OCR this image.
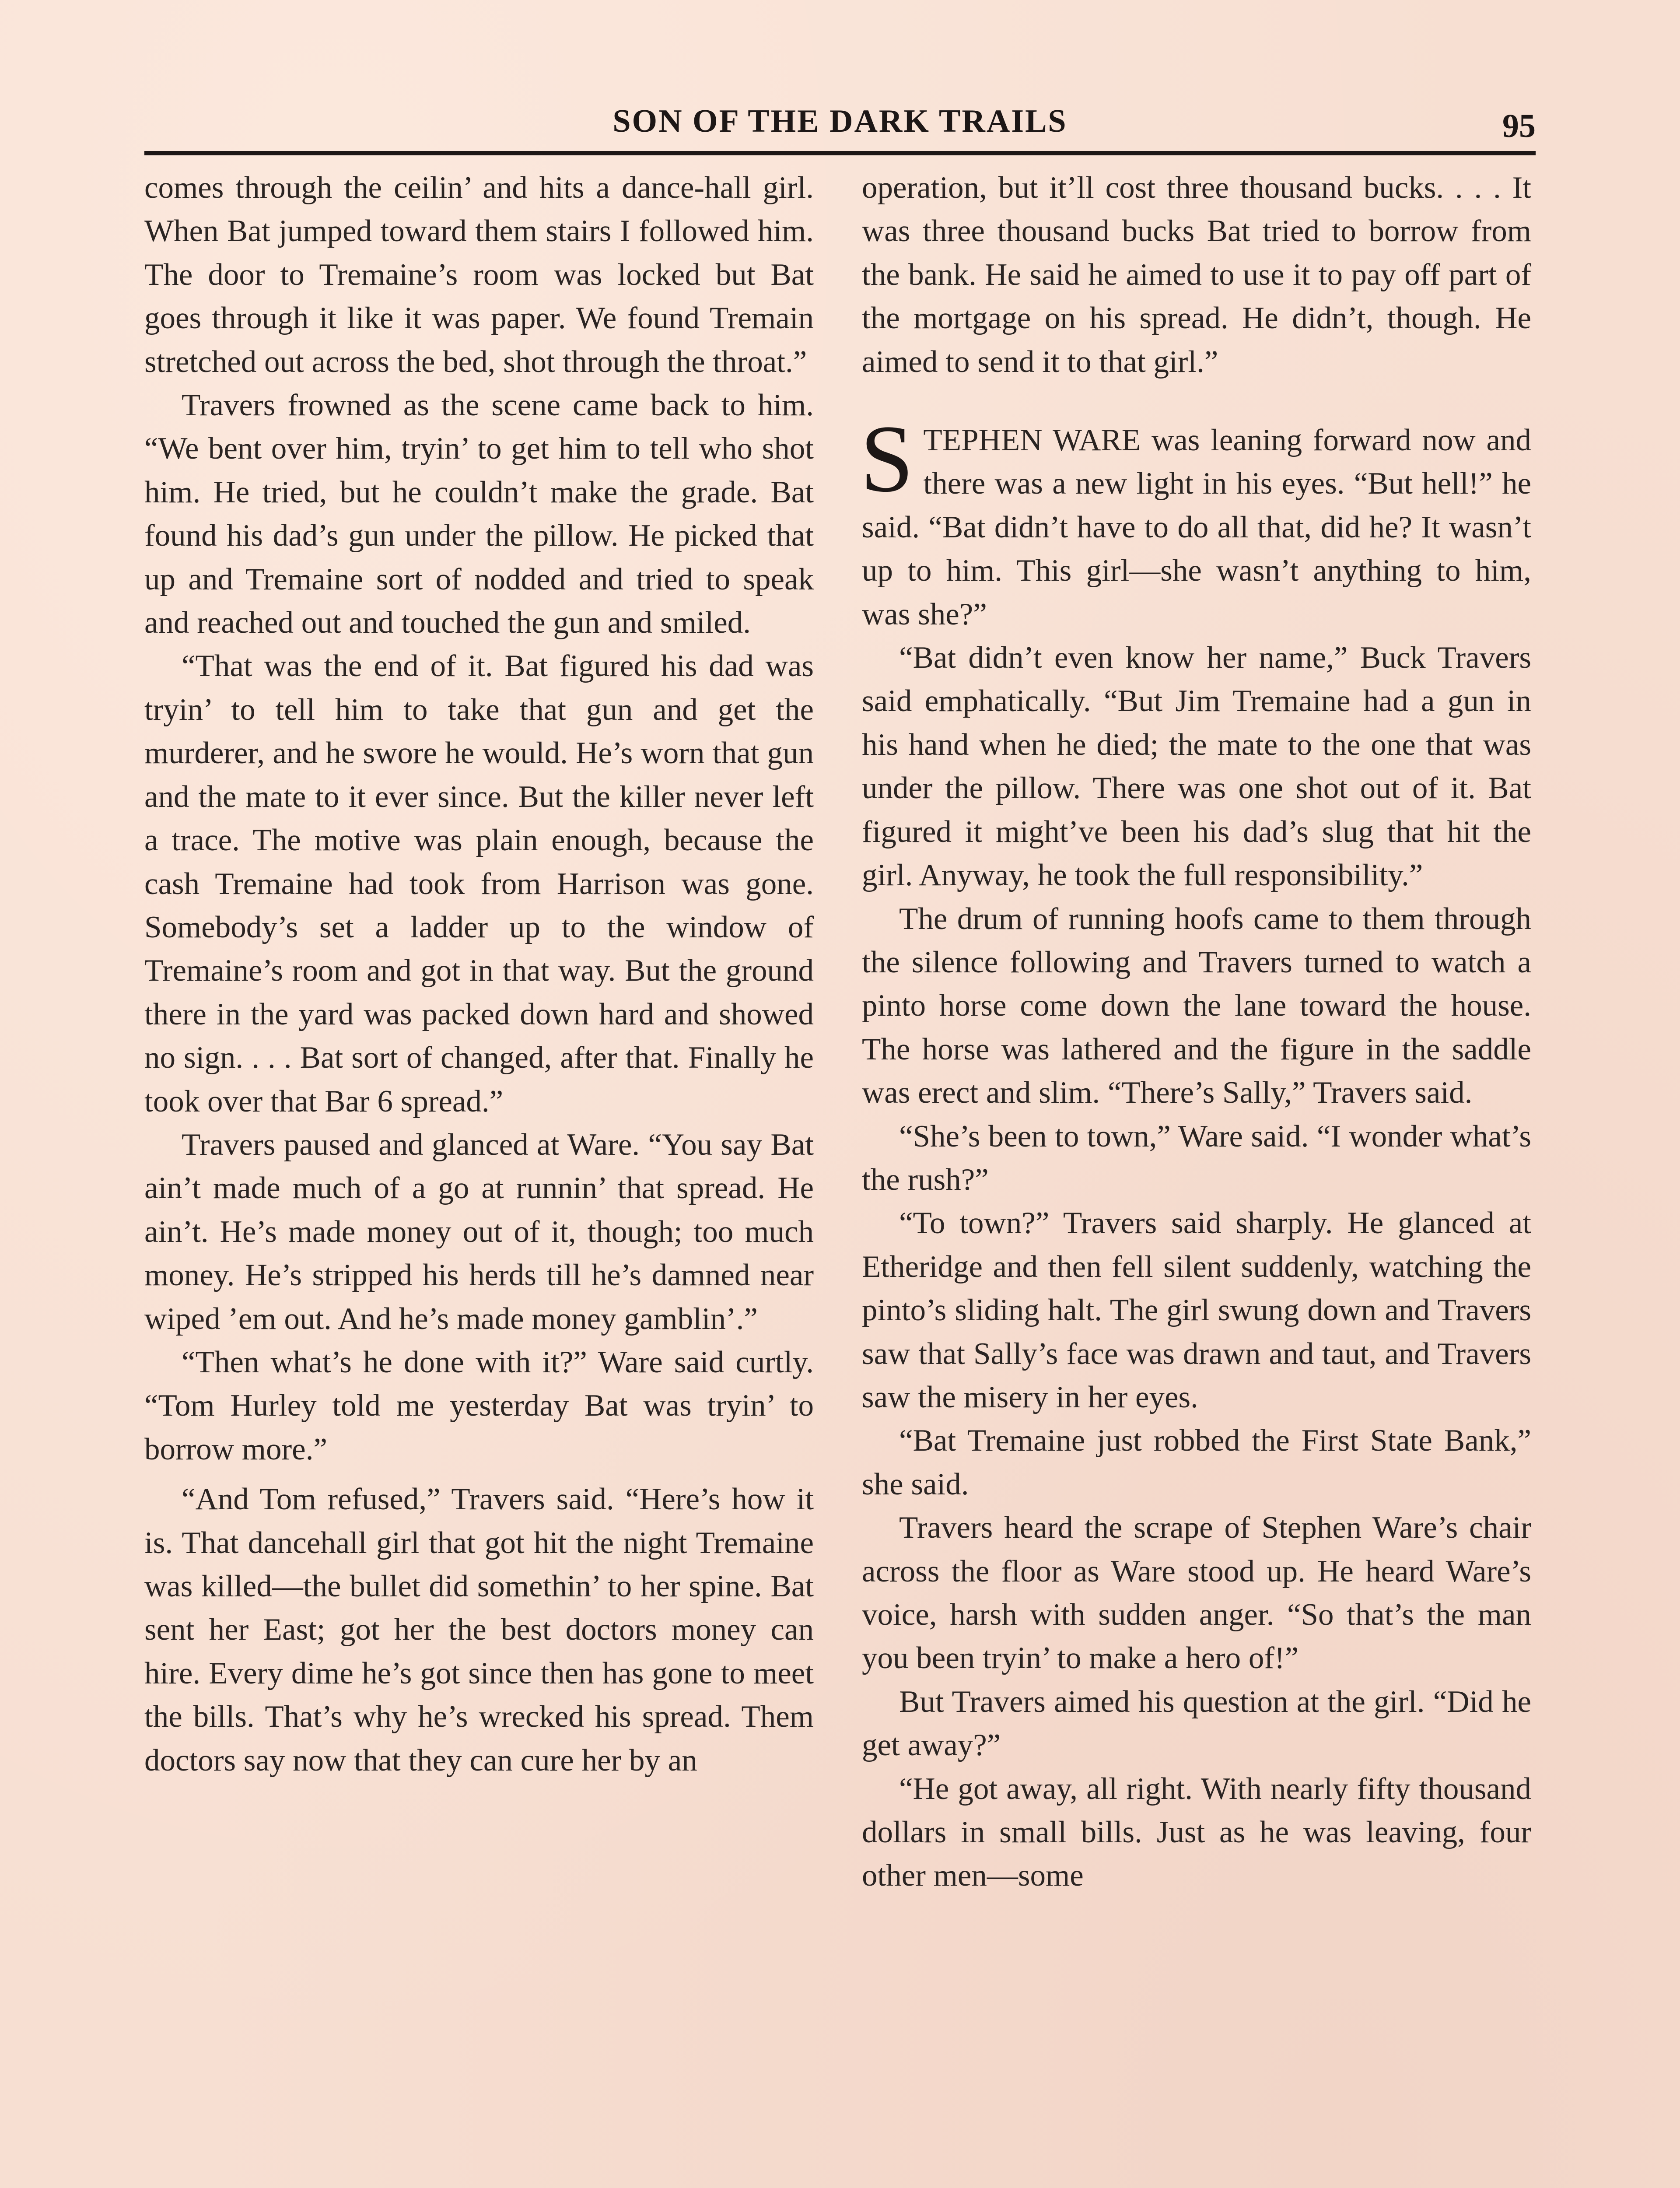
SON OF THE DARK TRAILS	95

comes through the ceilin’ and hits a dance-hall girl. When Bat jumped toward them stairs I followed him. The door to Tremaine’s room was locked but Bat goes through it like it was paper. We found Tremain stretched out across the bed, shot through the throat.”

Travers frowned as the scene came back to him. “We bent over him, tryin’ to get him to tell who shot him. He tried, but he couldn’t make the grade. Bat found his dad’s gun under the pillow. He picked that up and Tremaine sort of nodded and tried to speak and reached out and touched the gun and smiled.

“That was the end of it. Bat figured his dad was tryin’ to tell him to take that gun and get the murderer, and he swore he would. He’s worn that gun and the mate to it ever since. But the killer never left a trace. The motive was plain enough, because the cash Tremaine had took from Harrison was gone. Somebody’s set a ladder up to the window of Tremaine’s room and got in that way. But the ground there in the yard was packed down hard and showed no sign. . . . Bat sort of changed, after that. Finally he took over that Bar 6 spread.”

Travers paused and glanced at Ware. “You say Bat ain’t made much of a go at runnin’ that spread. He ain’t. He’s made money out of it, though; too much money. He’s stripped his herds till he’s damned near wiped ’em out. And he’s made money gamblin’.”

“Then what’s he done with it?” Ware said curtly. “Tom Hurley told me yesterday Bat was tryin’ to borrow more.”

“And Tom refused,” Travers said. “Here’s how it is. That dancehall girl that got hit the night Tremaine was killed—the bullet did somethin’ to her spine. Bat sent her East; got her the best doctors money can hire. Every dime he’s got since then has gone to meet the bills. That’s why he’s wrecked his spread. Them doctors say now that they can cure her by an

operation, but it’ll cost three thousand bucks. . . . It was three thousand bucks Bat tried to borrow from the bank. He said he aimed to use it to pay off part of the mortgage on his spread. He didn’t, though. He aimed to send it to that girl.”

STEPHEN WARE was leaning forward now and there was a new light in his eyes. “But hell!” he said. “Bat didn’t have to do all that, did he? It wasn’t up to him. This girl—she wasn’t anything to him, was she?”

“Bat didn’t even know her name,” Buck Travers said emphatically. “But Jim Tremaine had a gun in his hand when he died; the mate to the one that was under the pillow. There was one shot out of it. Bat figured it might’ve been his dad’s slug that hit the girl. Anyway, he took the full responsibility.”

The drum of running hoofs came to them through the silence following and Travers turned to watch a pinto horse come down the lane toward the house. The horse was lathered and the figure in the saddle was erect and slim. “There’s Sally,” Travers said.

“She’s been to town,” Ware said. “I wonder what’s the rush?”

“To town?” Travers said sharply. He glanced at Etheridge and then fell silent suddenly, watching the pinto’s sliding halt. The girl swung down and Travers saw that Sally’s face was drawn and taut, and Travers saw the misery in her eyes.

“Bat Tremaine just robbed the First State Bank,” she said.

Travers heard the scrape of Stephen Ware’s chair across the floor as Ware stood up. He heard Ware’s voice, harsh with sudden anger. “So that’s the man you been tryin’ to make a hero of!”

But Travers aimed his question at the girl. “Did he get away?”

“He got away, all right. With nearly fifty thousand dollars in small bills. Just as he was leaving, four other men—some
